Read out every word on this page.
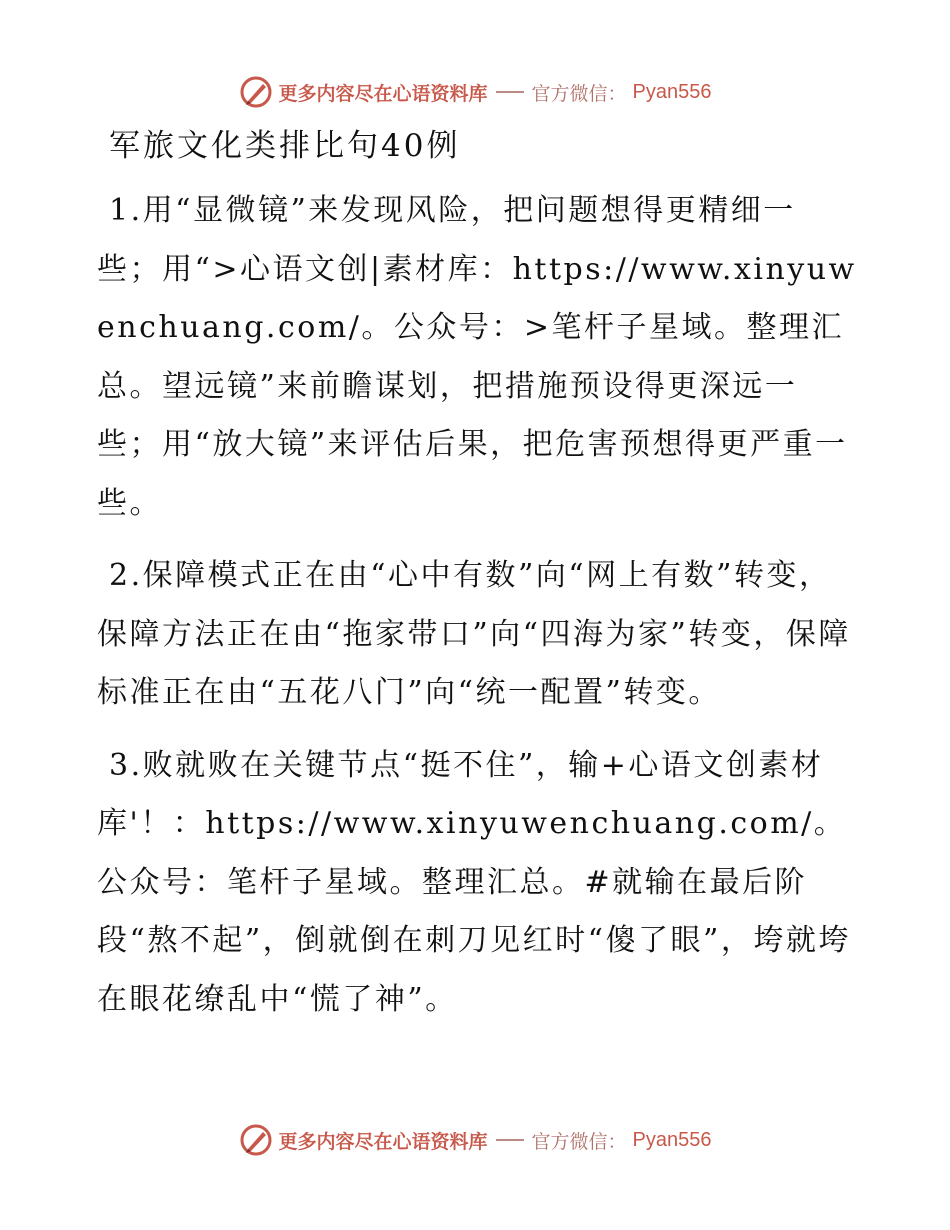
更多内容尽在心语资料库 官方微信： Pyan556
军旅文化类排比句40例

1.用“显微镜”来发现风险，把问题想得更精细一些；用“>心语文创|素材库：https://www.xinyuwenchuang.com/。公众号：>笔杆子星域。整理汇总。望远镜”来前瞻谋划，把措施预设得更深远一些；用“放大镜”来评估后果，把危害预想得更严重一些。

2.保障模式正在由“心中有数”向“网上有数”转变，保障方法正在由“拖家带口”向“四海为家”转变，保障标准正在由“五花八门”向“统一配置”转变。

3.败就败在关键节点“挺不住”，输+心语文创素材库'！：https://www.xinyuwenchuang.com/。公众号：笔杆子星域。整理汇总。#就输在最后阶段“熬不起”，倒就倒在刺刀见红时“傻了眼”，垮就垮在眼花缭乱中“慌了神”。

更多内容尽在心语资料库 官方微信： Pyan556
